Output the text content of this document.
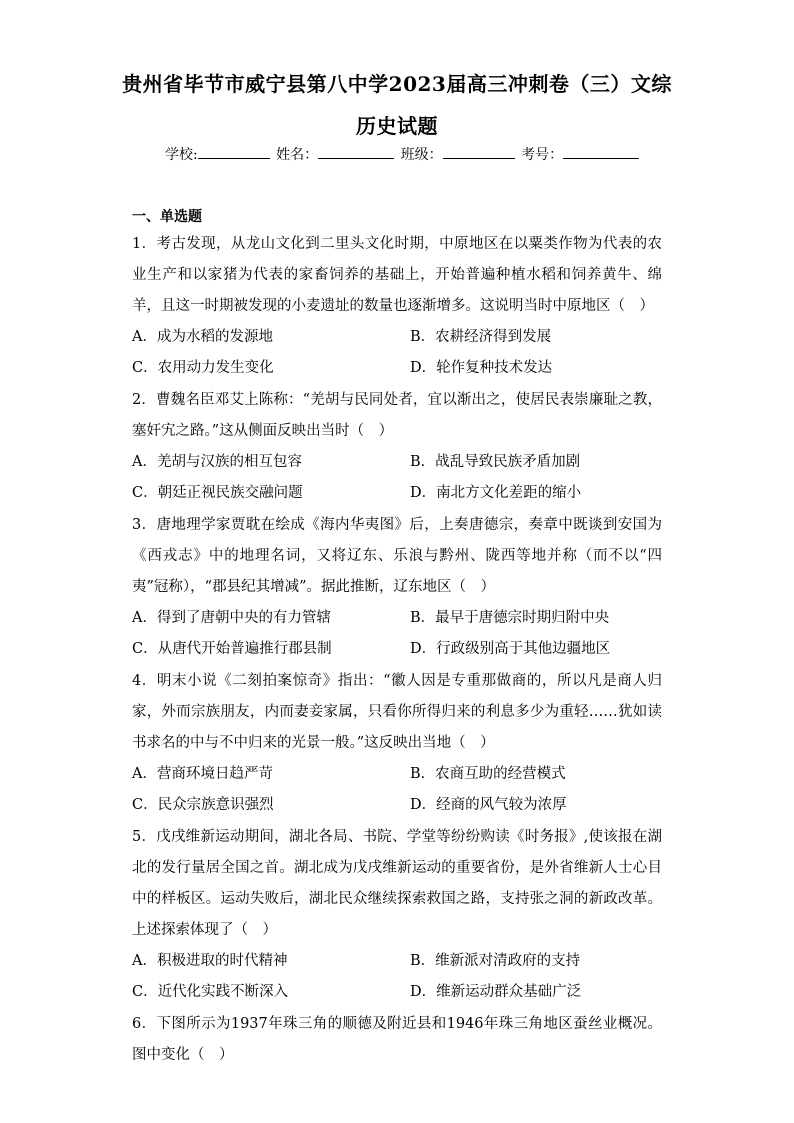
贵州省毕节市威宁县第八中学2023届高三冲刺卷（三）文综
历史试题
学校:	姓名：	班级：	考号：
一、单选题
1．考古发现，从龙山文化到二里头文化时期，中原地区在以粟类作物为代表的农业生产和以家猪为代表的家畜饲养的基础上，开始普遍种植水稻和饲养黄牛、绵羊，且这一时期被发现的小麦遗址的数量也逐渐增多。这说明当时中原地区（　）
A．成为水稻的发源地	B．农耕经济得到发展
C．农用动力发生变化	D．轮作复种技术发达
2．曹魏名臣邓艾上陈称：“羌胡与民同处者，宜以渐出之，使居民表崇廉耻之教，塞奸宄之路。”这从侧面反映出当时（　）
A．羌胡与汉族的相互包容	B．战乱导致民族矛盾加剧
C．朝廷正视民族交融问题	D．南北方文化差距的缩小
3．唐地理学家贾耽在绘成《海内华夷图》后，上奏唐德宗，奏章中既谈到安国为《西戎志》中的地理名词，又将辽东、乐浪与黔州、陇西等地并称（而不以“四夷”冠称），“郡县纪其增减”。据此推断，辽东地区（　）
A．得到了唐朝中央的有力管辖	B．最早于唐德宗时期归附中央
C．从唐代开始普遍推行郡县制	D．行政级别高于其他边疆地区
4．明末小说《二刻拍案惊奇》指出：“徽人因是专重那做商的，所以凡是商人归家，外而宗族朋友，内而妻妾家属，只看你所得归来的利息多少为重轻……犹如读书求名的中与不中归来的光景一般。”这反映出当地（　）
A．营商环境日趋严苛	B．农商互助的经营模式
C．民众宗族意识强烈	D．经商的风气较为浓厚
5．戊戌维新运动期间，湖北各局、书院、学堂等纷纷购读《时务报》,使该报在湖北的发行量居全国之首。湖北成为戊戌维新运动的重要省份，是外省维新人士心目中的样板区。运动失败后，湖北民众继续探索救国之路，支持张之洞的新政改革。上述探索体现了（　）
A．积极进取的时代精神	B．维新派对清政府的支持
C．近代化实践不断深入	D．维新运动群众基础广泛
6．下图所示为1937年珠三角的顺德及附近县和1946年珠三角地区蚕丝业概况。图中变化（　）
